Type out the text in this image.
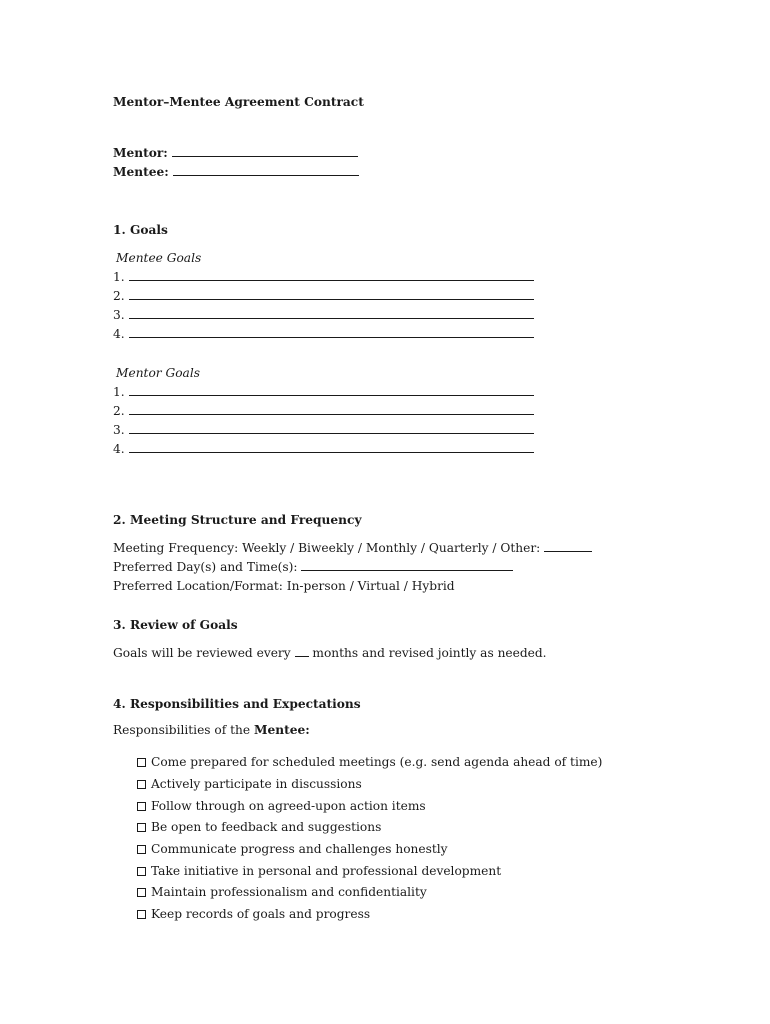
Mentor–Mentee Agreement Contract
Mentor:
Mentee:
1. Goals
Mentee Goals
1.
2.
3.
4.
Mentor Goals
1.
2.
3.
4.
2. Meeting Structure and Frequency
Meeting Frequency: Weekly / Biweekly / Monthly / Quarterly / Other:
Preferred Day(s) and Time(s):
Preferred Location/Format: In-person / Virtual / Hybrid
3. Review of Goals
Goals will be reviewed every months and revised jointly as needed.
4. Responsibilities and Expectations
Responsibilities of the Mentee:
Come prepared for scheduled meetings (e.g. send agenda ahead of time)
Actively participate in discussions
Follow through on agreed-upon action items
Be open to feedback and suggestions
Communicate progress and challenges honestly
Take initiative in personal and professional development
Maintain professionalism and confidentiality
Keep records of goals and progress
